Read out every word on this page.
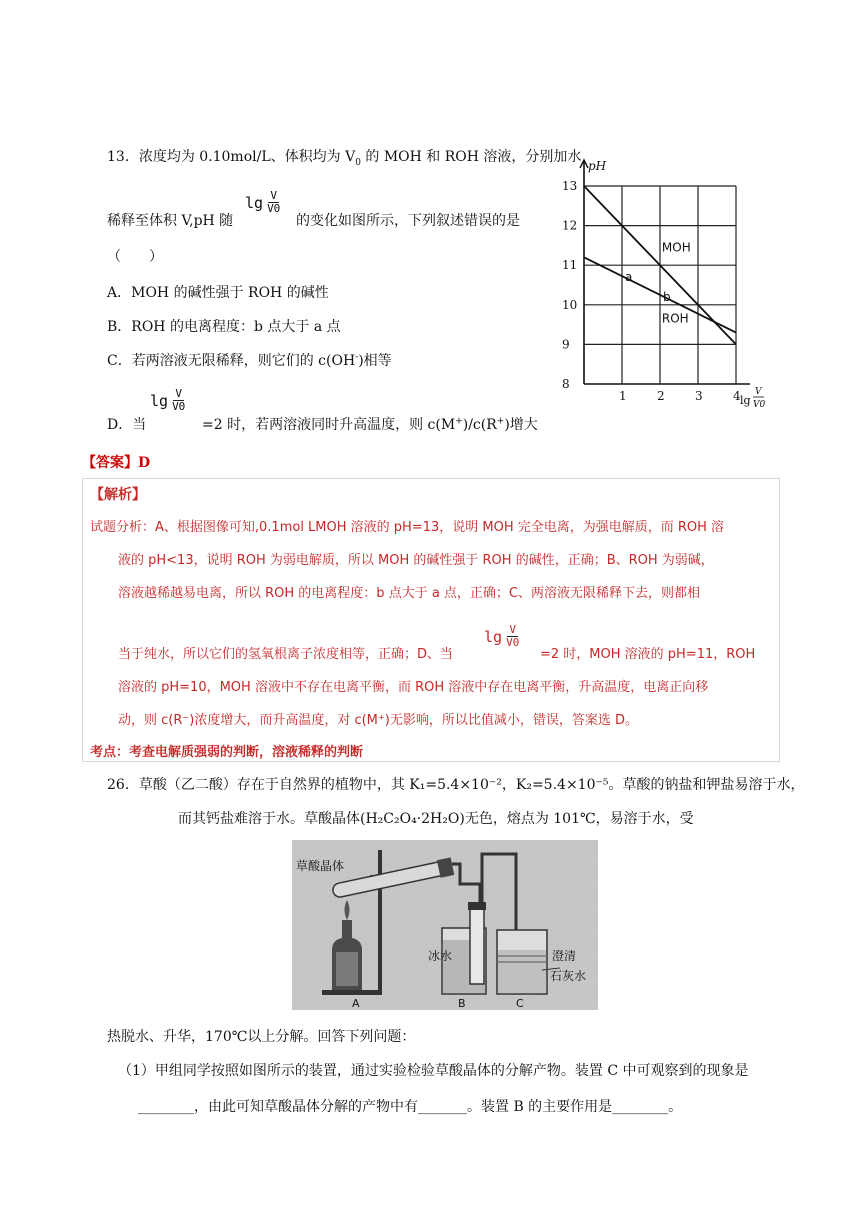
13．浓度均为 0.10mol/L、体积均为 $V_0$ 的 MOH 和 ROH 溶液，分别加水
lg V
V0
稀释至体积 V,pH 随	的变化如图所示，下列叙述错误的是
（　　）
A．MOH 的碱性强于 ROH 的碱性
B．ROH 的电离程度：b 点大于 a 点
C．若两溶液无限稀释，则它们的 c(OH-)相等
lg V
V0
D．当	=2 时，若两溶液同时升高温度，则 c(M+)/c(R+)增大
【答案】D
8
9
10
11
12
13
1	2	3	4
pH
lg
V
V0
MOH
ROH
a
b
【解析】
试题分析：A、根据图像可知,0.1mol LMOH 溶液的 pH=13，说明 MOH 完全电离，为强电解质，而 ROH 溶
液的 pH<13，说明 ROH 为弱电解质，所以 MOH 的碱性强于 ROH 的碱性，正确；B、ROH 为弱碱，
溶液越稀越易电离，所以 ROH 的电离程度：b 点大于 a 点，正确；C、两溶液无限稀释下去，则都相
lg V
V0
当于纯水，所以它们的氢氧根离子浓度相等，正确；D、当	=2 时，MOH 溶液的 pH=11，ROH
溶液的 pH=10，MOH 溶液中不存在电离平衡，而 ROH 溶液中存在电离平衡，升高温度，电离正向移
动，则 c(R⁻)浓度增大，而升高温度，对 c(M⁺)无影响，所以比值减小，错误，答案选 D。
考点：考查电解质强弱的判断，溶液稀释的判断
26．草酸（乙二酸）存在于自然界的植物中，其 K₁=5.4×10⁻²，K₂=5.4×10⁻⁵。草酸的钠盐和钾盐易溶于水，
而其钙盐难溶于水。草酸晶体(H₂C₂O₄·2H₂O)无色，熔点为 101℃，易溶于水，受
草酸晶体
冰水	澄清
石灰水
A	B	C
热脱水、升华，170℃以上分解。回答下列问题：
（1）甲组同学按照如图所示的装置，通过实验检验草酸晶体的分解产物。装置 C 中可观察到的现象是
________，由此可知草酸晶体分解的产物中有_______。装置 B 的主要作用是________。
